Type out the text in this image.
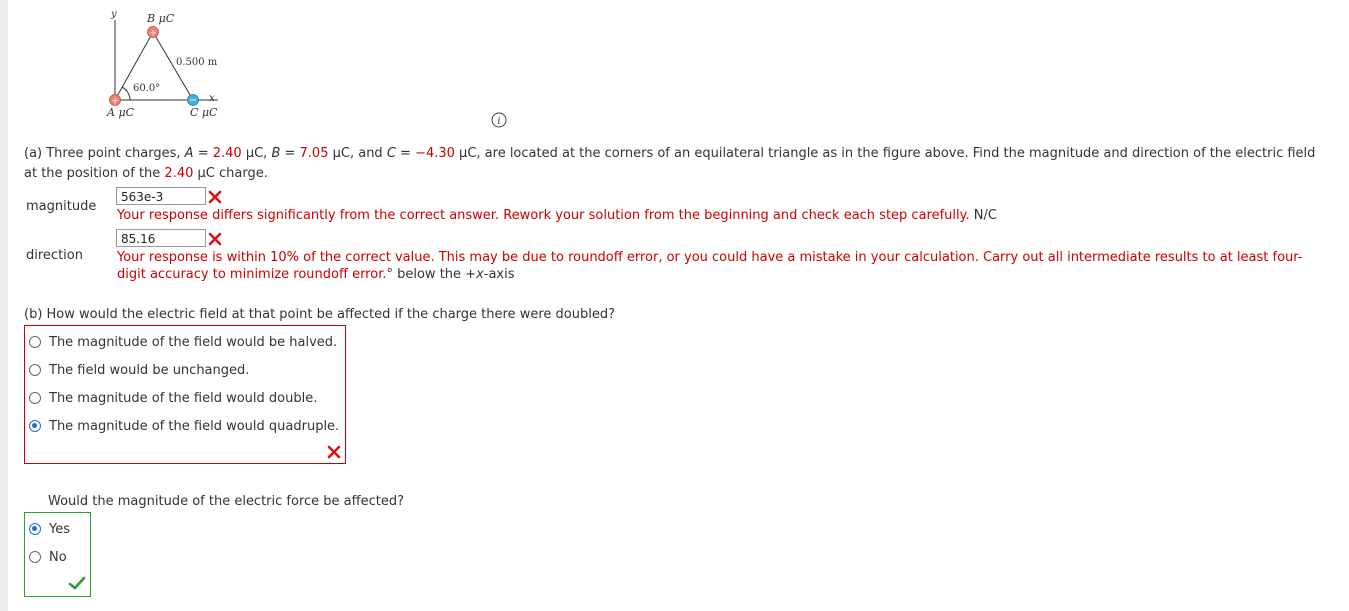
+
+	−
y	B μC
0.500 m
60.0°
x
A μC	C μC
i
(a) Three point charges, A = 2.40 μC, B = 7.05 μC, and C = −4.30 μC, are located at the corners of an equilateral triangle as in the figure above. Find the magnitude and direction of the electric field
at the position of the 2.40 μC charge.
magnitude
563e-3
Your response differs significantly from the correct answer. Rework your solution from the beginning and check each step carefully. N/C
direction
85.16
Your response is within 10% of the correct value. This may be due to roundoff error, or you could have a mistake in your calculation. Carry out all intermediate results to at least four-
digit accuracy to minimize roundoff error.° below the +x-axis
(b) How would the electric field at that point be affected if the charge there were doubled?
The magnitude of the field would be halved.
The field would be unchanged.
The magnitude of the field would double.
The magnitude of the field would quadruple.
Would the magnitude of the electric force be affected?
Yes
No
